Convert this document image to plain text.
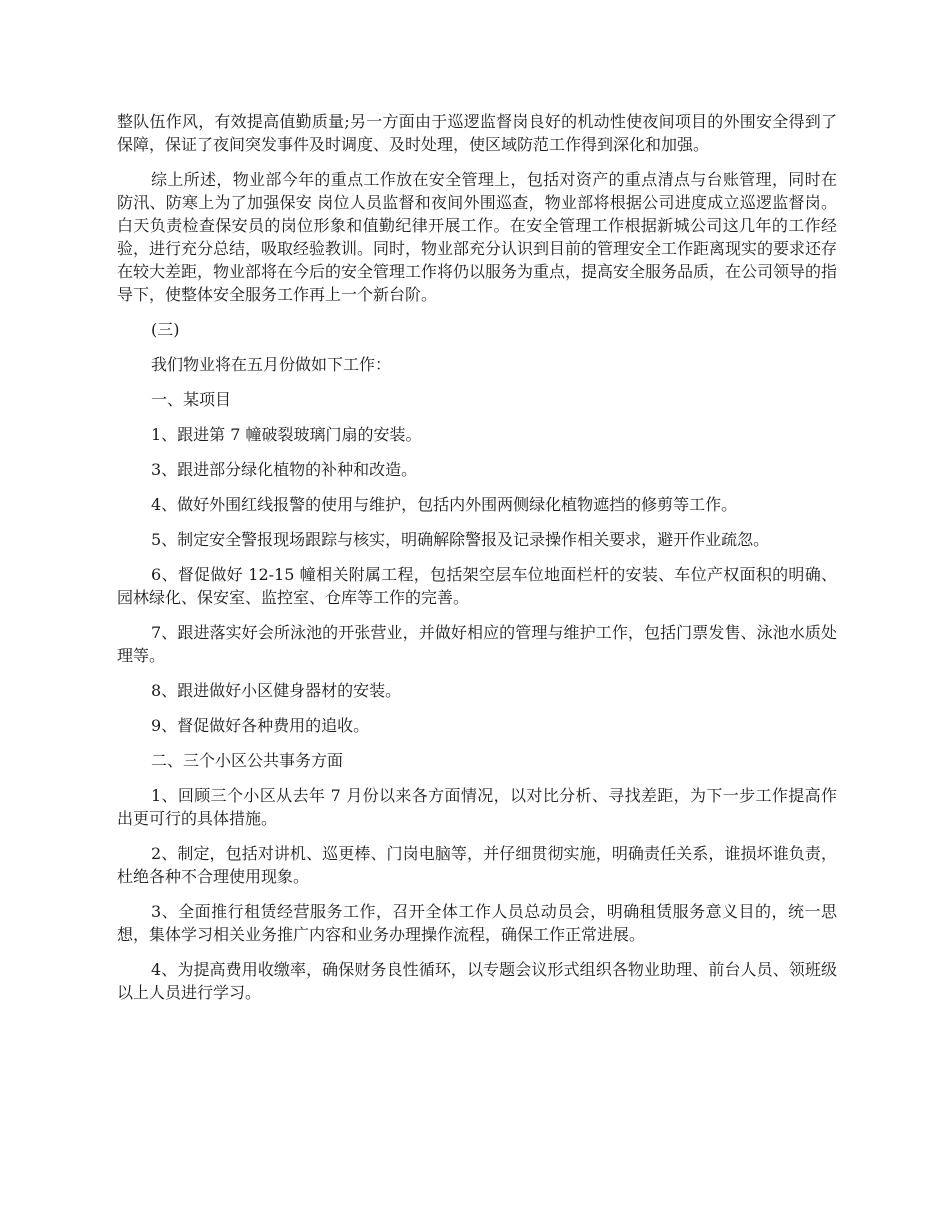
整队伍作风，有效提高值勤质量;另一方面由于巡逻监督岗良好的机动性使夜间项目的外围安全得到了保障，保证了夜间突发事件及时调度、及时处理，使区域防范工作得到深化和加强。

综上所述，物业部今年的重点工作放在安全管理上，包括对资产的重点清点与台账管理，同时在防汛、防寒上为了加强保安 岗位人员监督和夜间外围巡查，物业部将根据公司进度成立巡逻监督岗。白天负责检查保安员的岗位形象和值勤纪律开展工作。在安全管理工作根据新城公司这几年的工作经验，进行充分总结，吸取经验教训。同时，物业部充分认识到目前的管理安全工作距离现实的要求还存在较大差距，物业部将在今后的安全管理工作将仍以服务为重点，提高安全服务品质，在公司领导的指导下，使整体安全服务工作再上一个新台阶。

(三)

我们物业将在五月份做如下工作：

一、某项目

1、跟进第 7 幢破裂玻璃门扇的安装。

3、跟进部分绿化植物的补种和改造。

4、做好外围红线报警的使用与维护，包括内外围两侧绿化植物遮挡的修剪等工作。

5、制定安全警报现场跟踪与核实，明确解除警报及记录操作相关要求，避开作业疏忽。

6、督促做好 12-15 幢相关附属工程，包括架空层车位地面栏杆的安装、车位产权面积的明确、园林绿化、保安室、监控室、仓库等工作的完善。

7、跟进落实好会所泳池的开张营业，并做好相应的管理与维护工作，包括门票发售、泳池水质处理等。

8、跟进做好小区健身器材的安装。

9、督促做好各种费用的追收。

二、三个小区公共事务方面

1、回顾三个小区从去年 7 月份以来各方面情况，以对比分析、寻找差距，为下一步工作提高作出更可行的具体措施。

2、制定，包括对讲机、巡更棒、门岗电脑等，并仔细贯彻实施，明确责任关系，谁损坏谁负责，杜绝各种不合理使用现象。

3、全面推行租赁经营服务工作，召开全体工作人员总动员会，明确租赁服务意义目的，统一思想，集体学习相关业务推广内容和业务办理操作流程，确保工作正常进展。

4、为提高费用收缴率，确保财务良性循环，以专题会议形式组织各物业助理、前台人员、领班级以上人员进行学习。
